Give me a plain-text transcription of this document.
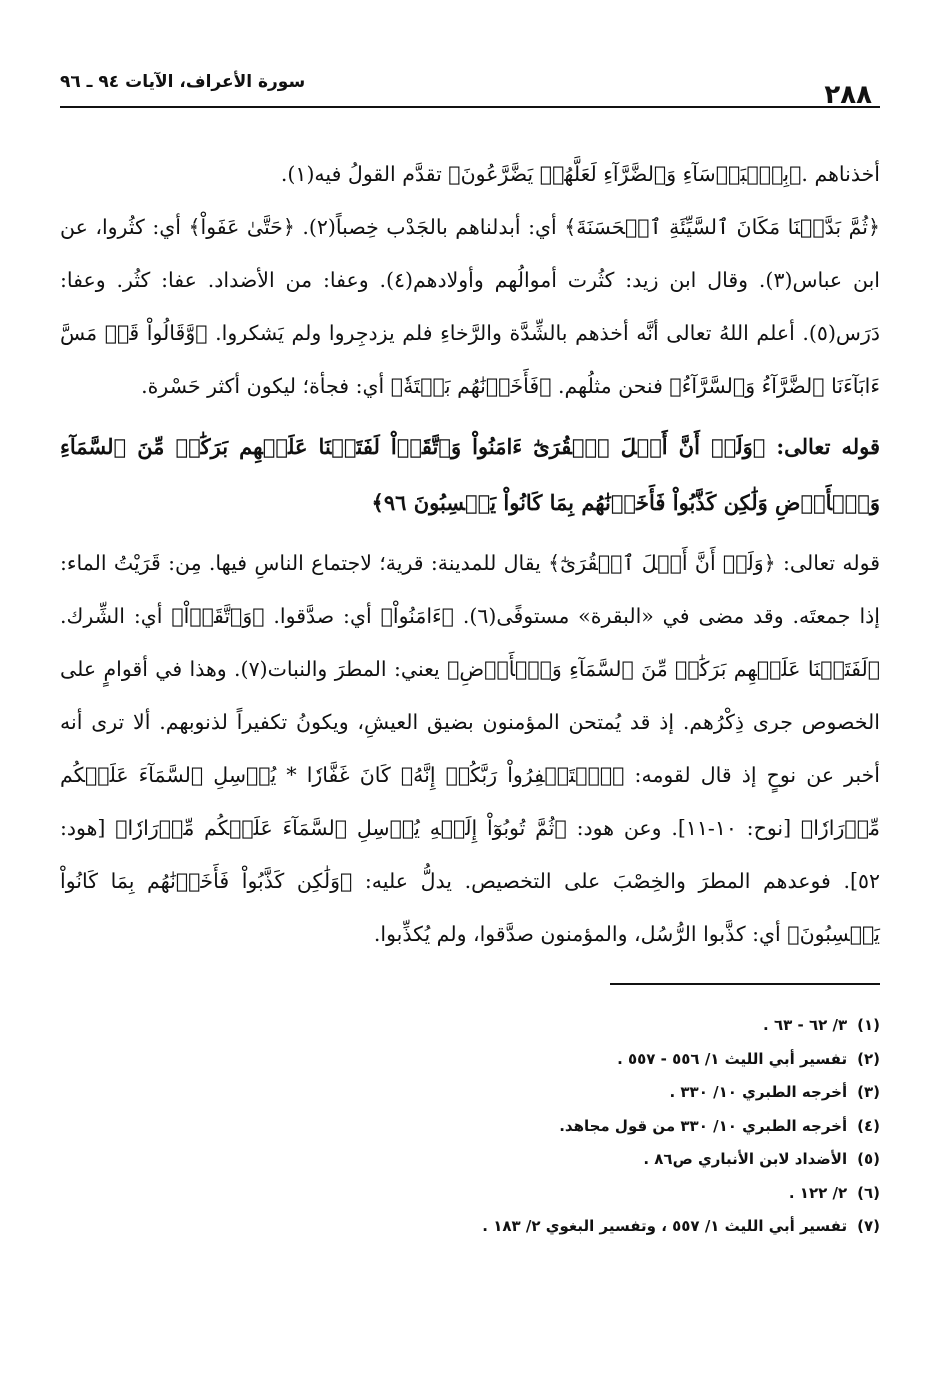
٢٨٨
سورة الأعراف، الآيات ٩٤ ـ ٩٦

أخذناهم .﴿بِٱلۡبَأۡسَآءِ وَٱلضَّرَّآءِ لَعَلَّهُمۡ يَضَّرَّعُونَ﴾ تقدَّم القولُ فيه(١).

﴿ثُمَّ بَدَّلۡنَا مَكَانَ ٱلسَّيِّئَةِ ٱلۡحَسَنَةَ﴾ أي: أبدلناهم بالجَدْب خِصباً(٢). ﴿حَتَّىٰ عَفَواْ﴾ أي: كثُروا، عن ابن عباس(٣). وقال ابن زيد: كثُرت أموالُهم وأولادهم(٤). وعفا: من الأضداد. عفا: كثُر. وعفا: دَرَس(٥). أعلم اللهُ تعالى أنَّه أخذهم بالشِّدَّة والرَّخاءِ فلم يزدجِروا ولم يَشكروا. ﴿وَّقَالُواْ قَدۡ مَسَّ ءَابَآءَنَا ٱلضَّرَّآءُ وَٱلسَّرَّآءُ﴾ فنحن مثلُهم. ﴿فَأَخَذۡنَٰهُم بَغۡتَةٗ﴾ أي: فجأة؛ ليكون أكثر حَسْرة.

قوله تعالى: ﴿وَلَوۡ أَنَّ أَهۡلَ ٱلۡقُرَىٰٓ ءَامَنُواْ وَٱتَّقَوۡاْ لَفَتَحۡنَا عَلَيۡهِم بَرَكَٰتٖ مِّنَ ٱلسَّمَآءِ وَٱلۡأَرۡضِ وَلَٰكِن كَذَّبُواْ فَأَخَذۡنَٰهُم بِمَا كَانُواْ يَكۡسِبُونَ ٩٦﴾

قوله تعالى: ﴿وَلَوۡ أَنَّ أَهۡلَ ٱلۡقُرَىٰٓ﴾ يقال للمدينة: قرية؛ لاجتماع الناسِ فيها. مِن: قَرَيْتُ الماء: إذا جمعتَه. وقد مضى في «البقرة» مستوفًى(٦). ﴿ءَامَنُواْ﴾ أي: صدَّقوا. ﴿وَٱتَّقَوۡاْ﴾ أي: الشِّرك. ﴿لَفَتَحۡنَا عَلَيۡهِم بَرَكَٰتٖ مِّنَ ٱلسَّمَآءِ وَٱلۡأَرۡضِ﴾ يعني: المطرَ والنبات(٧). وهذا في أقوامٍ على الخصوص جرى ذِكْرُهم. إذ قد يُمتحن المؤمنون بضيق العيشِ، ويكونُ تكفيراً لذنوبهم. ألا ترى أنه أخبر عن نوحٍ إذ قال لقومه: ﴿ٱسۡتَغۡفِرُواْ رَبَّكُمۡ إِنَّهُۥ كَانَ غَفَّارٗا * يُرۡسِلِ ٱلسَّمَآءَ عَلَيۡكُم مِّدۡرَارٗا﴾ [نوح: ١٠-١١]. وعن هود: ﴿ثُمَّ تُوبُوٓاْ إِلَيۡهِ يُرۡسِلِ ٱلسَّمَآءَ عَلَيۡكُم مِّدۡرَارٗا﴾ [هود: ٥٢]. فوعدهم المطرَ والخِصْبَ على التخصيص. يدلُّ عليه: ﴿وَلَٰكِن كَذَّبُواْ فَأَخَذۡنَٰهُم بِمَا كَانُواْ يَكۡسِبُونَ﴾ أي: كذَّبوا الرُّسُل، والمؤمنون صدَّقوا، ولم يُكذِّبوا.

(١)٣/ ٦٢ - ٦٣ .
(٢)تفسير أبي الليث ١/ ٥٥٦ - ٥٥٧ .
(٣)أخرجه الطبري ١٠/ ٣٣٠ .
(٤)أخرجه الطبري ١٠/ ٣٣٠ من قول مجاهد.
(٥)الأضداد لابن الأنباري ص٨٦ .
(٦)٢/ ١٢٢ .
(٧)تفسير أبي الليث ١/ ٥٥٧ ، وتفسير البغوي ٢/ ١٨٣ .
